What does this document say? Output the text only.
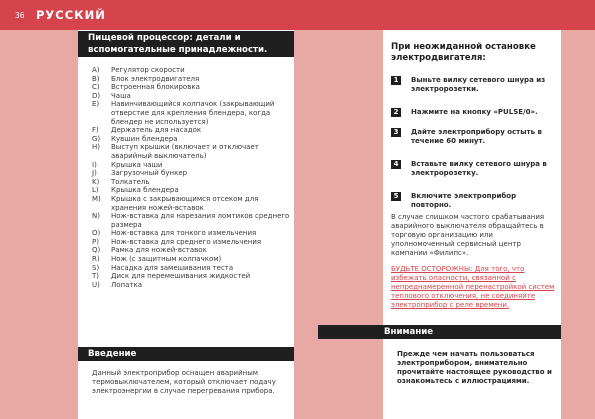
36 РУССКИЙ
Пищевой процессор: детали и
вспомогательные принадлежности.
A) Регулятор скорости
B) Блок электродвигателя
C) Встроенная блокировка
D) Чаша
E) Навинчивающийся колпачок (закрывающий отверстие для крепления блендера, когда блендер не используется)
F) Держатель для насадок
G) Кувшин блендера
H) Выступ крышки (включает и отключает аварийный выключатель)
I) Крышка чаши
J) Загрузочный бункер
K) Толкатель
L) Крышка блендера
M) Крышка с закрывающимся отсеком для хранения ножей-вставок
N) Нож-вставка для нарезания ломтиков среднего размера
O) Нож-вставка для тонкого измельчения
P) Нож-вставка для среднего измельчения
Q) Рамка для ножей-вставок
R) Нож (с защитным колпачком)
S) Насадка для замешивания теста
T) Диск для перемешивания жидкостей
U) Лопатка
Введение

Данный электроприбор оснащен аварийным термовыключателем, который отключает подачу электроэнергии в случае перегревания прибора.

При неожиданной остановке
электродвигателя:
1	Выньте вилку сетевого шнура из электророзетки.
2	Нажмите на кнопку «PULSE/0».
3	Дайте электроприбору остыть в течение 60 минут.
4	Вставьте вилку сетевого шнура в электророзетку.
5	Включите электроприбор повторно.

В случае слишком частого срабатывания аварийного выключателя обращайтесь в торговую организацию или уполномоченный сервисный центр компании «Филипс».

БУДЬТЕ ОСТОРОЖНЫ: Для того, что избежать опасности, связанной с непреднамеренной перенастройкой систем теплового отключения, не соединяйте электроприбор с реле времени.

Внимание

Прежде чем начать пользоваться электроприбором, внимательно прочитайте настоящее руководство и ознакомьтесь с иллюстрациями.
